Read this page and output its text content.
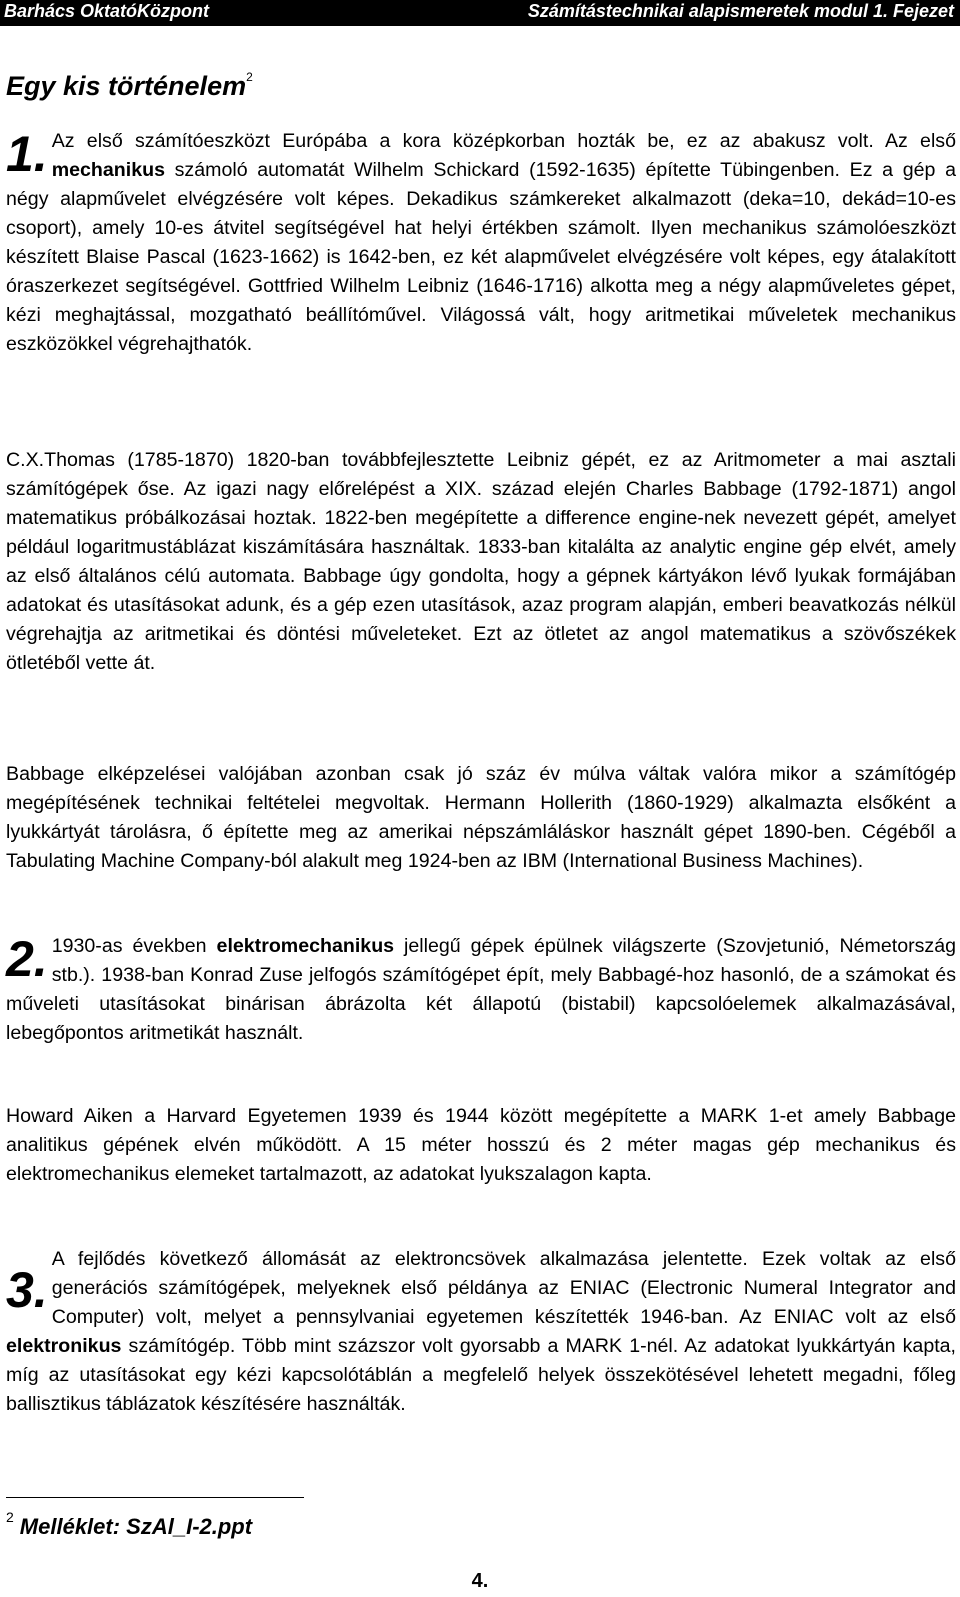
Barhács OktatóKözpont	Számítástechnikai alapismeretek modul 1. Fejezet
Egy kis történelem$^2$

1. Az első számítóeszközt Európába a kora középkorban hozták be, ez az abakusz volt. Az első mechanikus számoló automatát Wilhelm Schickard (1592-1635) építette Tübingenben. Ez a gép a négy alapművelet elvégzésére volt képes. Dekadikus számkereket alkalmazott (deka=10, dekád=10-es csoport), amely 10-es átvitel segítségével hat helyi értékben számolt. Ilyen mechanikus számolóeszközt készített Blaise Pascal (1623-1662) is 1642-ben, ez két alapművelet elvégzésére volt képes, egy átalakított óraszerkezet segítségével. Gottfried Wilhelm Leibniz (1646-1716) alkotta meg a négy alapműveletes gépet, kézi meghajtással, mozgatható beállítóművel. Világossá vált, hogy aritmetikai műveletek mechanikus eszközökkel végrehajthatók.

C.X.Thomas (1785-1870) 1820-ban továbbfejlesztette Leibniz gépét, ez az Aritmometer a mai asztali számítógépek őse. Az igazi nagy előrelépést a XIX. század elején Charles Babbage (1792-1871) angol matematikus próbálkozásai hoztak. 1822-ben megépítette a difference engine-nek nevezett gépét, amelyet például logaritmustáblázat kiszámítására használtak. 1833-ban kitalálta az analytic engine gép elvét, amely az első általános célú automata. Babbage úgy gondolta, hogy a gépnek kártyákon lévő lyukak formájában adatokat és utasításokat adunk, és a gép ezen utasítások, azaz program alapján, emberi beavatkozás nélkül végrehajtja az aritmetikai és döntési műveleteket. Ezt az ötletet az angol matematikus a szövőszékek ötletéből vette át.

Babbage elképzelései valójában azonban csak jó száz év múlva váltak valóra mikor a számítógép megépítésének technikai feltételei megvoltak. Hermann Hollerith (1860-1929) alkalmazta elsőként a lyukkártyát tárolásra, ő építette meg az amerikai népszámláláskor használt gépet 1890-ben. Cégéből a Tabulating Machine Company-ból alakult meg 1924-ben az IBM (International Business Machines).

2. 1930-as években elektromechanikus jellegű gépek épülnek világszerte (Szovjetunió, Németország stb.). 1938-ban Konrad Zuse jelfogós számítógépet épít, mely Babbagé-hoz hasonló, de a számokat és műveleti utasításokat binárisan ábrázolta két állapotú (bistabil) kapcsolóelemek alkalmazásával, lebegőpontos aritmetikát használt.

Howard Aiken a Harvard Egyetemen 1939 és 1944 között megépítette a MARK 1-et amely Babbage analitikus gépének elvén működött. A 15 méter hosszú és 2 méter magas gép mechanikus és elektromechanikus elemeket tartalmazott, az adatokat lyukszalagon kapta.

3.
A fejlődés következő állomását az elektroncsövek alkalmazása jelentette. Ezek voltak az első generációs számítógépek, melyeknek első példánya az ENIAC (Electronic Numeral Integrator and Computer) volt, melyet a pennsylvaniai egyetemen készítették 1946-ban. Az ENIAC volt az első elektronikus számítógép. Több mint százszor volt gyorsabb a MARK 1-nél. Az adatokat lyukkártyán kapta, míg az utasításokat egy kézi kapcsolótáblán a megfelelő helyek összekötésével lehetett megadni, főleg ballisztikus táblázatok készítésére használták.

$^2$ Melléklet: SzAl_I-2.ppt
4.
